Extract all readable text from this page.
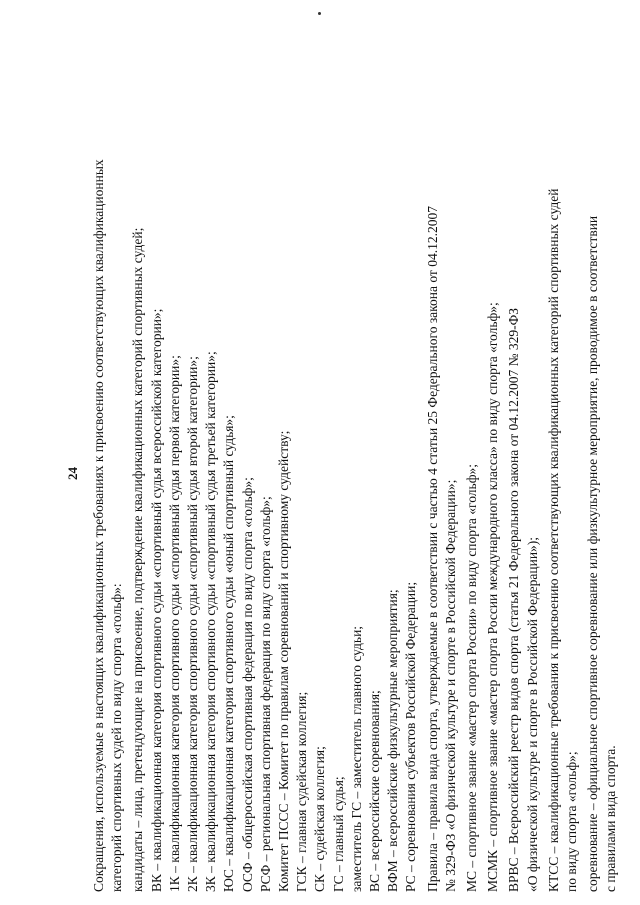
24 Сокращения, используемые в настоящих квалификационных требованиях к присвоению соответствующих квалификационных категорий спортивных судей по виду спорта «гольф»: кандидаты – лица, претендующие на присвоение, подтверждение квалификационных категорий спортивных судей; ВК – квалификационная категория спортивного судьи «спортивный судья всероссийской категории»; 1К – квалификационная категория спортивного судьи «спортивный судья первой категории»; 2К – квалификационная категория спортивного судьи «спортивный судья второй категории»; 3К – квалификационная категория спортивного судьи «спортивный судья третьей категории»; ЮС – квалификационная категория спортивного судьи «юный спортивный судья»; ОСФ – общероссийская спортивная федерация по виду спорта «гольф»; РСФ – региональная спортивная федерация по виду спорта «гольф»; Комитет ПССС – Комитет по правилам соревнований и спортивному судейству; ГСК – главная судейская коллегия; СК – судейская коллегия; ГС – главный судья; заместитель ГС – заместитель главного судьи; ВС – всероссийские соревнования; ВФМ – всероссийские физкультурные мероприятия; РС – соревнования субъектов Российской Федерации; Правила – правила вида спорта, утверждаемые в соответствии с частью 4 статьи 25 Федерального закона от 04.12.2007 № 329-ФЗ «О физической культуре и спорте в Российской Федерации»; МС – спортивное звание «мастер спорта России» по виду спорта «гольф»; МСМК – спортивное звание «мастер спорта России международного класса» по виду спорта «гольф»; ВРВС – Всероссийский реестр видов спорта (статья 21 Федерального закона от 04.12.2007 № 329-ФЗ «О физической культуре и спорте в Российской Федерации»); КТСС – квалификационные требования к присвоению соответствующих квалификационных категорий спортивных судей по виду спорта «гольф»; соревнование – официальное спортивное соревнование или физкультурное мероприятие, проводимое в соответствии с правилами вида спорта.
